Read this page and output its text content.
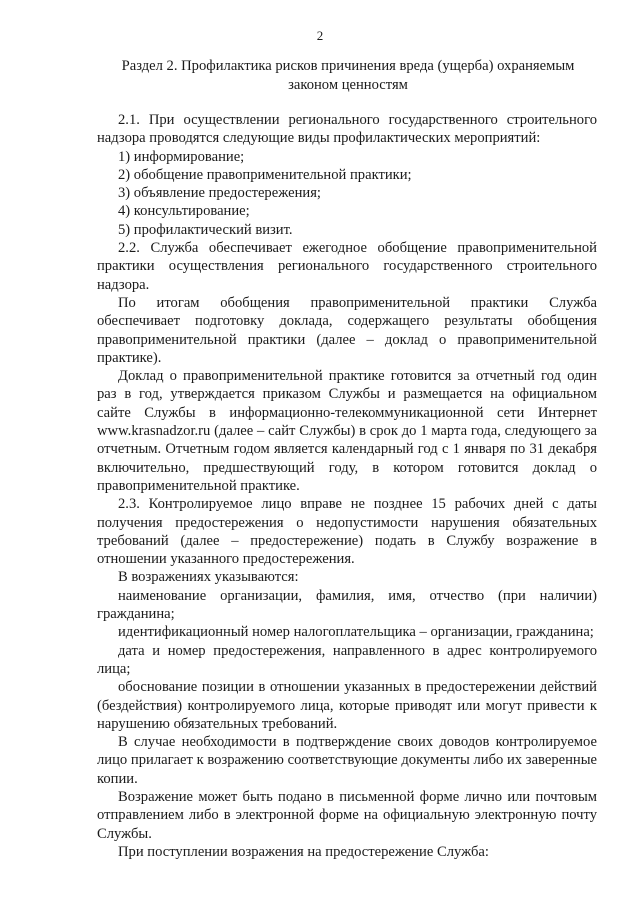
2
Раздел 2. Профилактика рисков причинения вреда (ущерба) охраняемым законом ценностям

2.1. При осуществлении регионального государственного строительного надзора проводятся следующие виды профилактических мероприятий:

1) информирование;

2) обобщение правоприменительной практики;

3) объявление предостережения;

4) консультирование;

5) профилактический визит.

2.2. Служба обеспечивает ежегодное обобщение правоприменительной практики осуществления регионального государственного строительного надзора.

По итогам обобщения правоприменительной практики Служба обеспечивает подготовку доклада, содержащего результаты обобщения правоприменительной практики (далее – доклад о правоприменительной практике).

Доклад о правоприменительной практике готовится за отчетный год один раз в год, утверждается приказом Службы и размещается на официальном сайте Службы в информационно-телекоммуникационной сети Интернет www.krasnadzor.ru (далее – сайт Службы) в срок до 1 марта года, следующего за отчетным. Отчетным годом является календарный год с 1 января по 31 декабря включительно, предшествующий году, в котором готовится доклад о правоприменительной практике.

2.3. Контролируемое лицо вправе не позднее 15 рабочих дней с даты получения предостережения о недопустимости нарушения обязательных требований (далее – предостережение) подать в Службу возражение в отношении указанного предостережения.

В возражениях указываются:

наименование организации, фамилия, имя, отчество (при наличии) гражданина;

идентификационный номер налогоплательщика – организации, гражданина;

дата и номер предостережения, направленного в адрес контролируемого лица;

обоснование позиции в отношении указанных в предостережении действий (бездействия) контролируемого лица, которые приводят или могут привести к нарушению обязательных требований.

В случае необходимости в подтверждение своих доводов контролируемое лицо прилагает к возражению соответствующие документы либо их заверенные копии.

Возражение может быть подано в письменной форме лично или почтовым отправлением либо в электронной форме на официальную электронную почту Службы.

При поступлении возражения на предостережение Служба:
